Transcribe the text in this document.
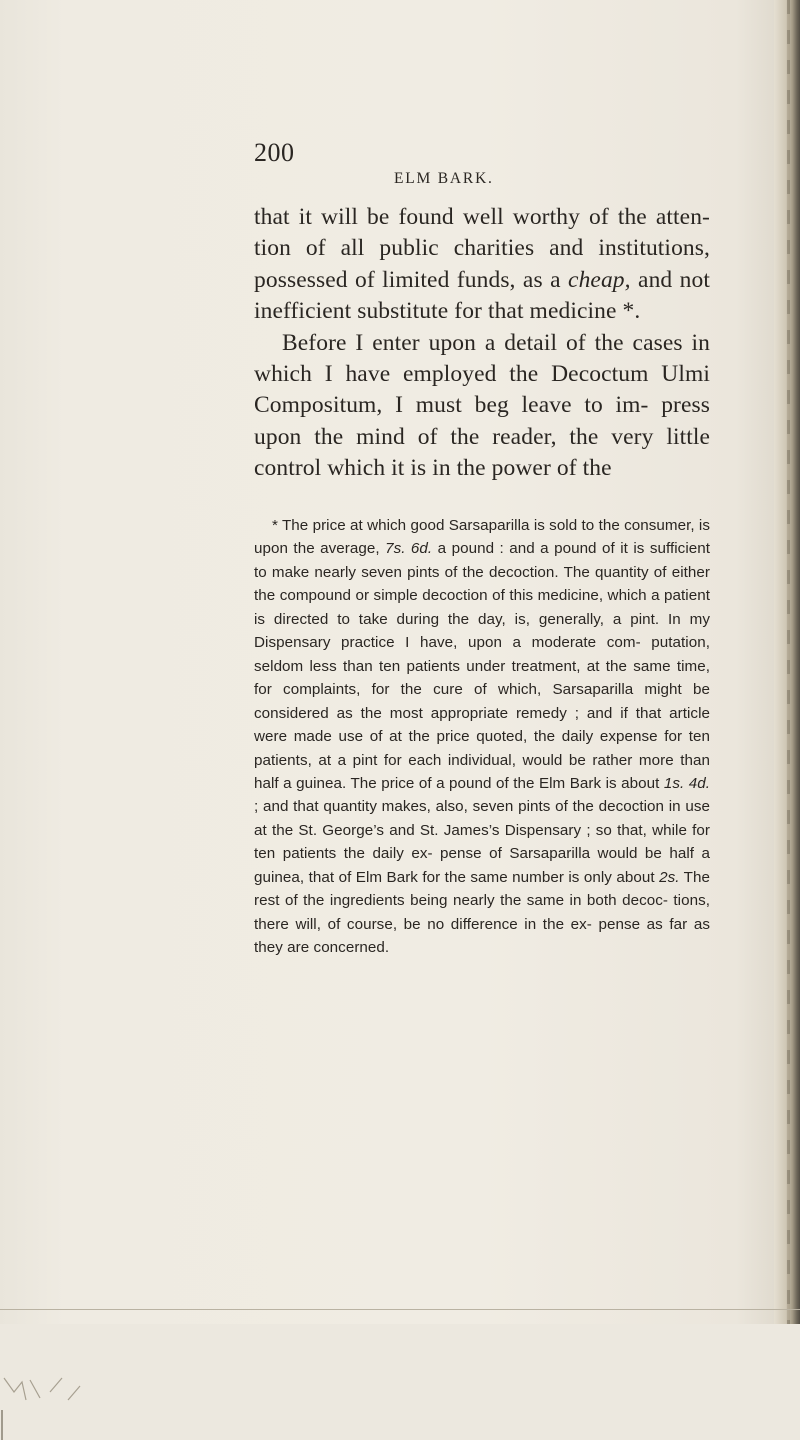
200
ELM BARK.

that it will be found well worthy of the atten- tion of all public charities and institutions, possessed of limited funds, as a cheap, and not inefficient substitute for that medicine *.

Before I enter upon a detail of the cases in which I have employed the Decoctum Ulmi Compositum, I must beg leave to im- press upon the mind of the reader, the very little control which it is in the power of the

* The price at which good Sarsaparilla is sold to the consumer, is upon the average, 7s. 6d. a pound : and a pound of it is sufficient to make nearly seven pints of the decoction. The quantity of either the compound or simple decoction of this medicine, which a patient is directed to take during the day, is, generally, a pint. In my Dispensary practice I have, upon a moderate com- putation, seldom less than ten patients under treatment, at the same time, for complaints, for the cure of which, Sarsaparilla might be considered as the most appropriate remedy ; and if that article were made use of at the price quoted, the daily expense for ten patients, at a pint for each individual, would be rather more than half a guinea. The price of a pound of the Elm Bark is about 1s. 4d. ; and that quantity makes, also, seven pints of the decoction in use at the St. George’s and St. James’s Dispensary ; so that, while for ten patients the daily ex- pense of Sarsaparilla would be half a guinea, that of Elm Bark for the same number is only about 2s. The rest of the ingredients being nearly the same in both decoc- tions, there will, of course, be no difference in the ex- pense as far as they are concerned.
